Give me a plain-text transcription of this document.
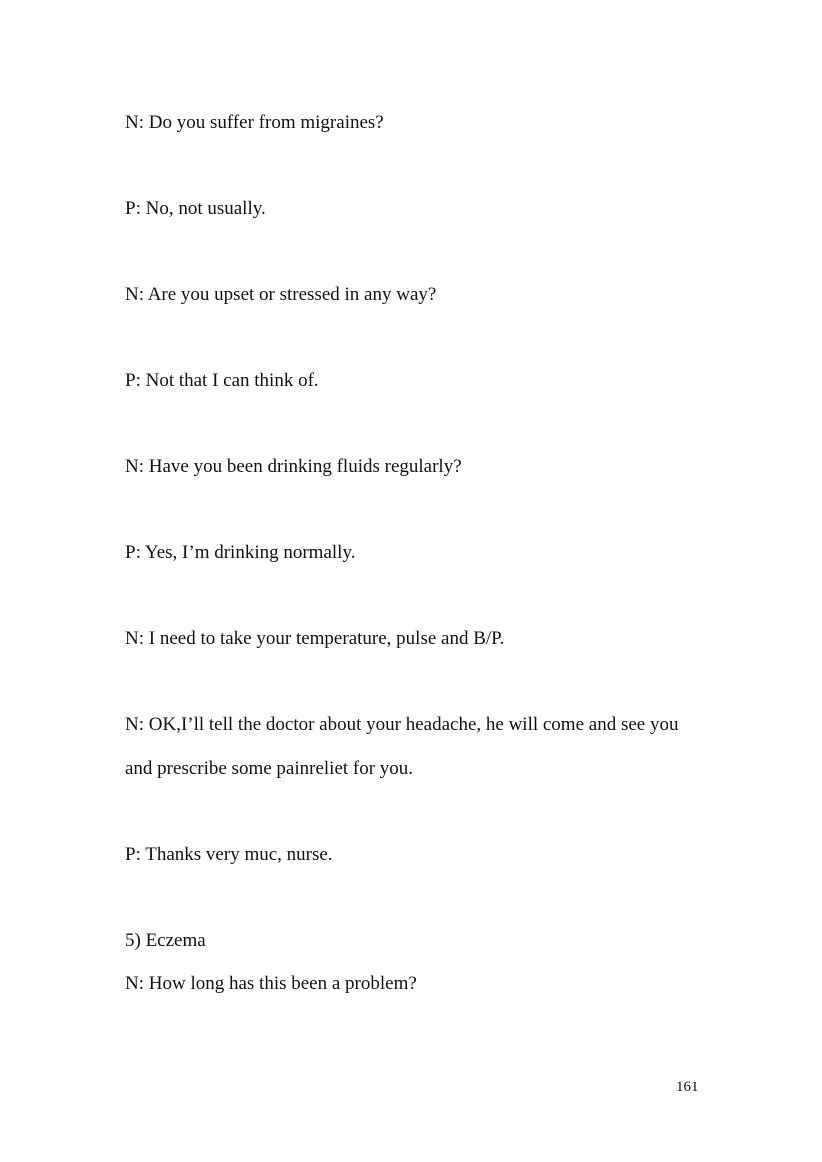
N: Do you suffer from migraines?
P: No, not usually.
N: Are you upset or stressed in any way?
P: Not that I can think of.
N: Have you been drinking fluids regularly?
P: Yes, I’m drinking normally.
N: I need to take your temperature, pulse and B/P.
N: OK,I’ll tell the doctor about your headache, he will come and see you
and prescribe some painreliet for you.
P: Thanks very muc, nurse.
5) Eczema
N: How long has this been a problem?
161
